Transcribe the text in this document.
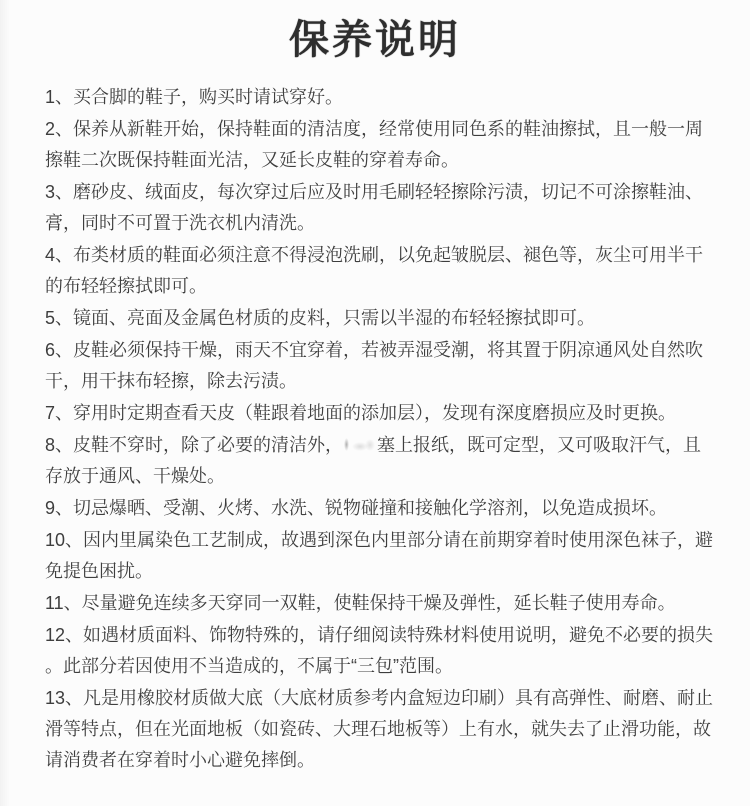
保养说明

1、买合脚的鞋子，购买时请试穿好。

2、保养从新鞋开始，保持鞋面的清洁度，经常使用同色系的鞋油擦拭，且一般一周
擦鞋二次既保持鞋面光洁，又延长皮鞋的穿着寿命。

3、磨砂皮、绒面皮，每次穿过后应及时用毛刷轻轻擦除污渍，切记不可涂擦鞋油、
膏，同时不可置于洗衣机内清洗。

4、布类材质的鞋面必须注意不得浸泡洗刷，以免起皱脱层、褪色等，灰尘可用半干
的布轻轻擦拭即可。

5、镜面、亮面及金属色材质的皮料，只需以半湿的布轻轻擦拭即可。

6、皮鞋必须保持干燥，雨天不宜穿着，若被弄湿受潮，将其置于阴凉通风处自然吹
干，用干抹布轻擦，除去污渍。

7、穿用时定期查看天皮（鞋跟着地面的添加层），发现有深度磨损应及时更换。

8、皮鞋不穿时，除了必要的清洁外， 塞上报纸，既可定型，又可吸取汗气，且
存放于通风、干燥处。

9、切忌爆晒、受潮、火烤、水洗、锐物碰撞和接触化学溶剂，以免造成损坏。

10、因内里属染色工艺制成，故遇到深色内里部分请在前期穿着时使用深色袜子，避
免提色困扰。

11、尽量避免连续多天穿同一双鞋，使鞋保持干燥及弹性，延长鞋子使用寿命。

12、如遇材质面料、饰物特殊的，请仔细阅读特殊材料使用说明，避免不必要的损失
。此部分若因使用不当造成的，不属于“三包”范围。

13、凡是用橡胶材质做大底（大底材质参考内盒短边印刷）具有高弹性、耐磨、耐止
滑等特点，但在光面地板（如瓷砖、大理石地板等）上有水，就失去了止滑功能，故
请消费者在穿着时小心避免摔倒。
